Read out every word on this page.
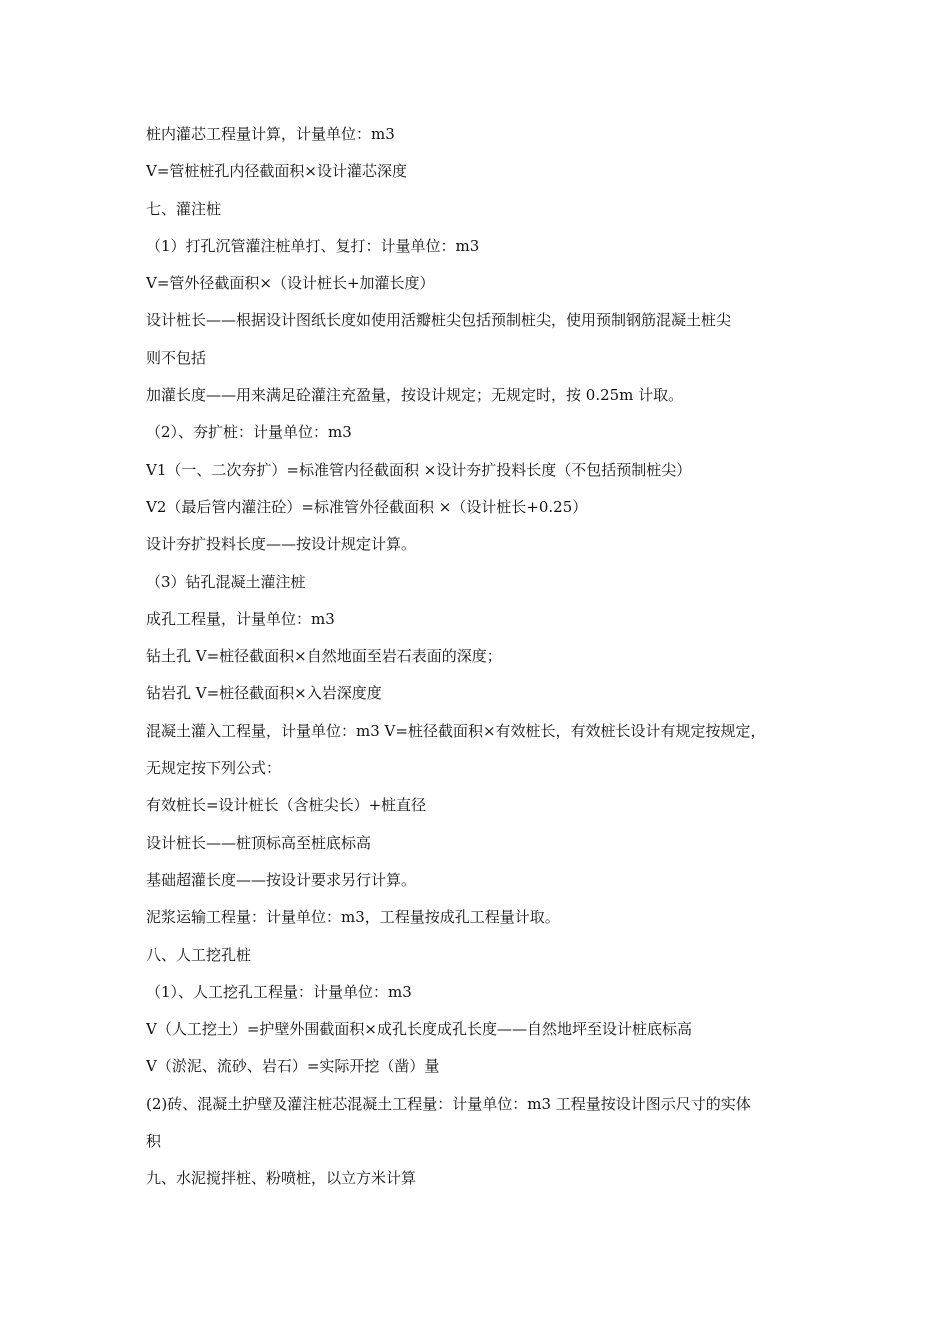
桩内灌芯工程量计算，计量单位：m3
V=管桩桩孔内径截面积×设计灌芯深度
七、灌注桩
（1）打孔沉管灌注桩单打、复打：计量单位：m3
V=管外径截面积×（设计桩长+加灌长度）
设计桩长——根据设计图纸长度如使用活瓣桩尖包括预制桩尖，使用预制钢筋混凝土桩尖
则不包括
加灌长度——用来满足砼灌注充盈量，按设计规定；无规定时，按 0.25m 计取。
（2）、夯扩桩：计量单位：m3
V1（一、二次夯扩）=标准管内径截面积 ×设计夯扩投料长度（不包括预制桩尖）
V2（最后管内灌注砼）=标准管外径截面积 ×（设计桩长+0.25）
设计夯扩投料长度——按设计规定计算。
（3）钻孔混凝土灌注桩
成孔工程量，计量单位：m3
钻土孔 V=桩径截面积×自然地面至岩石表面的深度；
钻岩孔 V=桩径截面积×入岩深度度
混凝土灌入工程量，计量单位：m3 V=桩径截面积×有效桩长，有效桩长设计有规定按规定，
无规定按下列公式：
有效桩长=设计桩长（含桩尖长）+桩直径
设计桩长——桩顶标高至桩底标高
基础超灌长度——按设计要求另行计算。
泥浆运输工程量：计量单位：m3，工程量按成孔工程量计取。
八、人工挖孔桩
（1）、人工挖孔工程量：计量单位：m3
V（人工挖土）=护壁外围截面积×成孔长度成孔长度——自然地坪至设计桩底标高
V（淤泥、流砂、岩石）=实际开挖（凿）量
(2)砖、混凝土护壁及灌注桩芯混凝土工程量：计量单位：m3 工程量按设计图示尺寸的实体
积
九、水泥搅拌桩、粉喷桩，以立方米计算
